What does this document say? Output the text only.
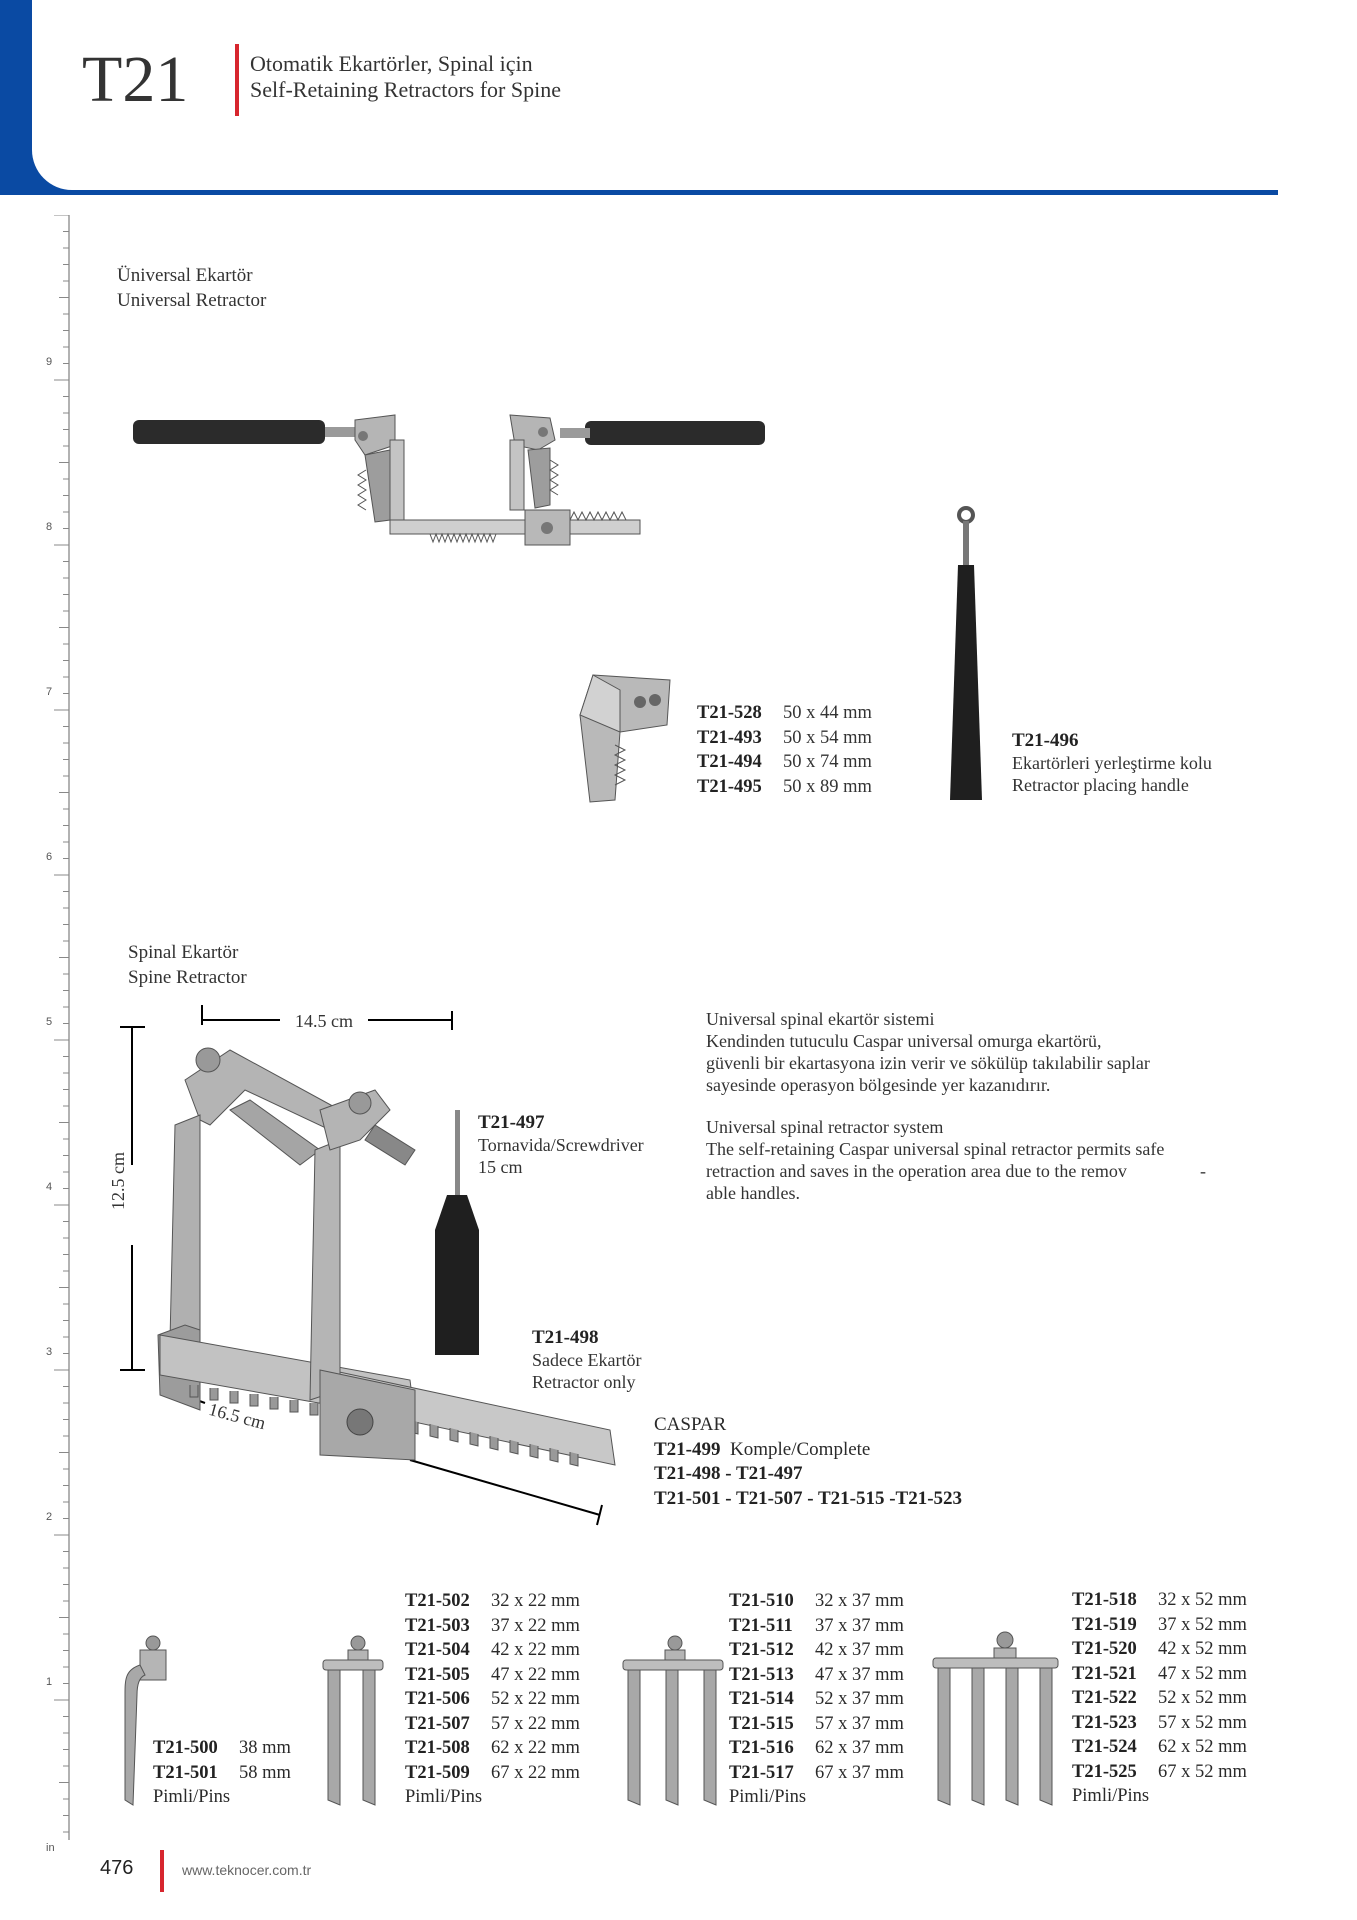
T21	Otomatik Ekartörler, Spinal için
Self-Retaining Retractors for Spine
9
8
7
6
5
4
3
2
1
in
Üniversal Ekartör
Universal Retractor
T21-528 50 x 44 mm
T21-493 50 x 54 mm
T21-494 50 x 74 mm
T21-495 50 x 89 mm
T21-496
Ekartörleri yerleştirme kolu
Retractor placing handle
Spinal Ekartör
Spine Retractor
14.5 cm
12.5 cm
16.5 cm
T21-497
Tornavida/Screwdriver
15 cm
T21-498
Sadece Ekartör
Retractor only
Universal spinal ekartör sistemi
Kendinden tutuculu Caspar universal omurga ekartörü,
güvenli bir ekartasyona izin verir ve sökülüp takılabilir saplar
sayesinde operasyon bölgesinde yer kazanıdırır.
Universal spinal retractor system
The self-retaining Caspar universal spinal retractor permits safe
retraction and saves in the operation area due to the remov	-
able handles.
CASPAR
T21-499 Komple/Complete
T21-498 - T21-497
T21-501 - T21-507 - T21-515 -T21-523
T21-500 38 mm
T21-501 58 mm
Pimli/Pins
T21-502 32 x 22 mm
T21-503 37 x 22 mm
T21-504 42 x 22 mm
T21-505 47 x 22 mm
T21-506 52 x 22 mm
T21-507 57 x 22 mm
T21-508 62 x 22 mm
T21-509 67 x 22 mm
Pimli/Pins
T21-510 32 x 37 mm
T21-511 37 x 37 mm
T21-512 42 x 37 mm
T21-513 47 x 37 mm
T21-514 52 x 37 mm
T21-515 57 x 37 mm
T21-516 62 x 37 mm
T21-517 67 x 37 mm
Pimli/Pins
T21-518 32 x 52 mm
T21-519 37 x 52 mm
T21-520 42 x 52 mm
T21-521 47 x 52 mm
T21-522 52 x 52 mm
T21-523 57 x 52 mm
T21-524 62 x 52 mm
T21-525 67 x 52 mm
Pimli/Pins
476	www.teknocer.com.tr
